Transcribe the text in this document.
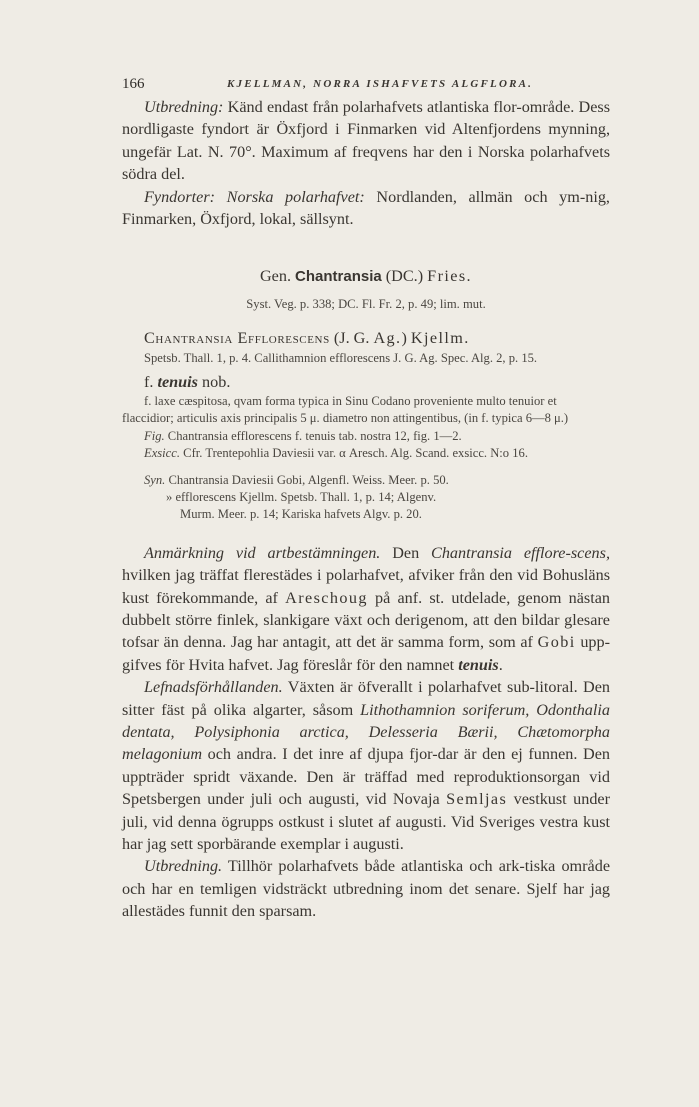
166	KJELLMAN, NORRA ISHAFVETS ALGFLORA.

Utbredning: Känd endast från polarhafvets atlantiska flor-område. Dess nordligaste fyndort är Öxfjord i Finmarken vid Altenfjordens mynning, ungefär Lat. N. 70°. Maximum af freqvens har den i Norska polarhafvets södra del.

Fyndorter: Norska polarhafvet: Nordlanden, allmän och ym-nig, Finmarken, Öxfjord, lokal, sällsynt.

Gen. Chantransia (DC.) Fries.

Syst. Veg. p. 338; DC. Fl. Fr. 2, p. 49; lim. mut.

Chantransia Efflorescens (J. G. Ag.) Kjellm.

Spetsb. Thall. 1, p. 4. Callithamnion efflorescens J. G. Ag. Spec. Alg. 2, p. 15.

f. tenuis nob.

f. laxe cæspitosa, qvam forma typica in Sinu Codano proveniente multo tenuior et flaccidior; articulis axis principalis 5 μ. diametro non attingentibus, (in f. typica 6—8 μ.)

Fig. Chantransia efflorescens f. tenuis tab. nostra 12, fig. 1—2.

Exsicc. Cfr. Trentepohlia Daviesii var. α Aresch. Alg. Scand. exsicc. N:o 16.

Syn. Chantransia Daviesii Gobi, Algenfl. Weiss. Meer. p. 50.

» efflorescens Kjellm. Spetsb. Thall. 1, p. 14; Algenv.

Murm. Meer. p. 14; Kariska hafvets Algv. p. 20.

Anmärkning vid artbestämningen. Den Chantransia efflore-scens, hvilken jag träffat flerestädes i polarhafvet, afviker från den vid Bohusläns kust förekommande, af Areschoug på anf. st. utdelade, genom nästan dubbelt större finlek, slankigare växt och derigenom, att den bildar glesare tofsar än denna. Jag har antagit, att det är samma form, som af Gobi upp-gifves för Hvita hafvet. Jag föreslår för den namnet tenuis.

Lefnadsförhållanden. Växten är öfverallt i polarhafvet sub-litoral. Den sitter fäst på olika algarter, såsom Lithothamnion soriferum, Odonthalia dentata, Polysiphonia arctica, Delesseria Bærii, Chætomorpha melagonium och andra. I det inre af djupa fjor-dar är den ej funnen. Den uppträder spridt växande. Den är träffad med reproduktionsorgan vid Spetsbergen under juli och augusti, vid Novaja Semljas vestkust under juli, vid denna ögrupps ostkust i slutet af augusti. Vid Sveriges vestra kust har jag sett sporbärande exemplar i augusti.

Utbredning. Tillhör polarhafvets både atlantiska och ark-tiska område och har en temligen vidsträckt utbredning inom det senare. Sjelf har jag allestädes funnit den sparsam.
